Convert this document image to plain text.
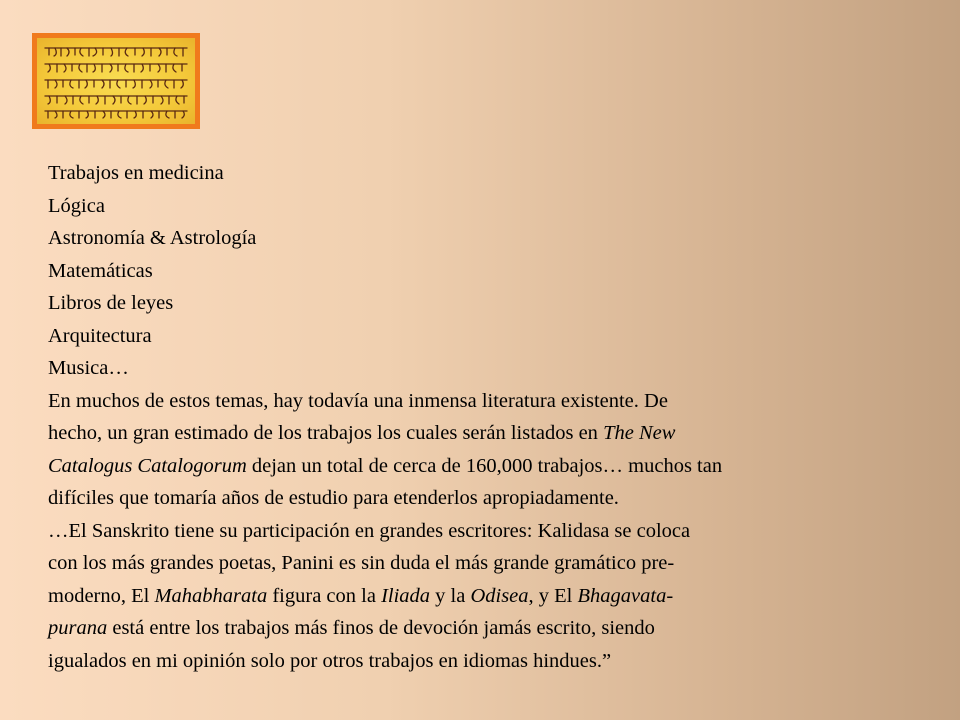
Trabajos en medicina
Lógica
Astronomía & Astrología
Matemáticas
Libros de leyes
Arquitectura
Musica…
En muchos de estos temas, hay todavía una inmensa literatura existente. De
hecho, un gran estimado de los trabajos los cuales serán listados en The New
Catalogus Catalogorum dejan un total de cerca de 160,000 trabajos… muchos tan
difíciles que tomaría años de estudio para etenderlos apropiadamente.
…El Sanskrito tiene su participación en grandes escritores: Kalidasa se coloca
con los más grandes poetas, Panini es sin duda el más grande gramático pre-
moderno, El Mahabharata figura con la Iliada y la Odisea, y El Bhagavata-
purana está entre los trabajos más finos de devoción jamás escrito, siendo
igualados en mi opinión solo por otros trabajos en idiomas hindues.”
